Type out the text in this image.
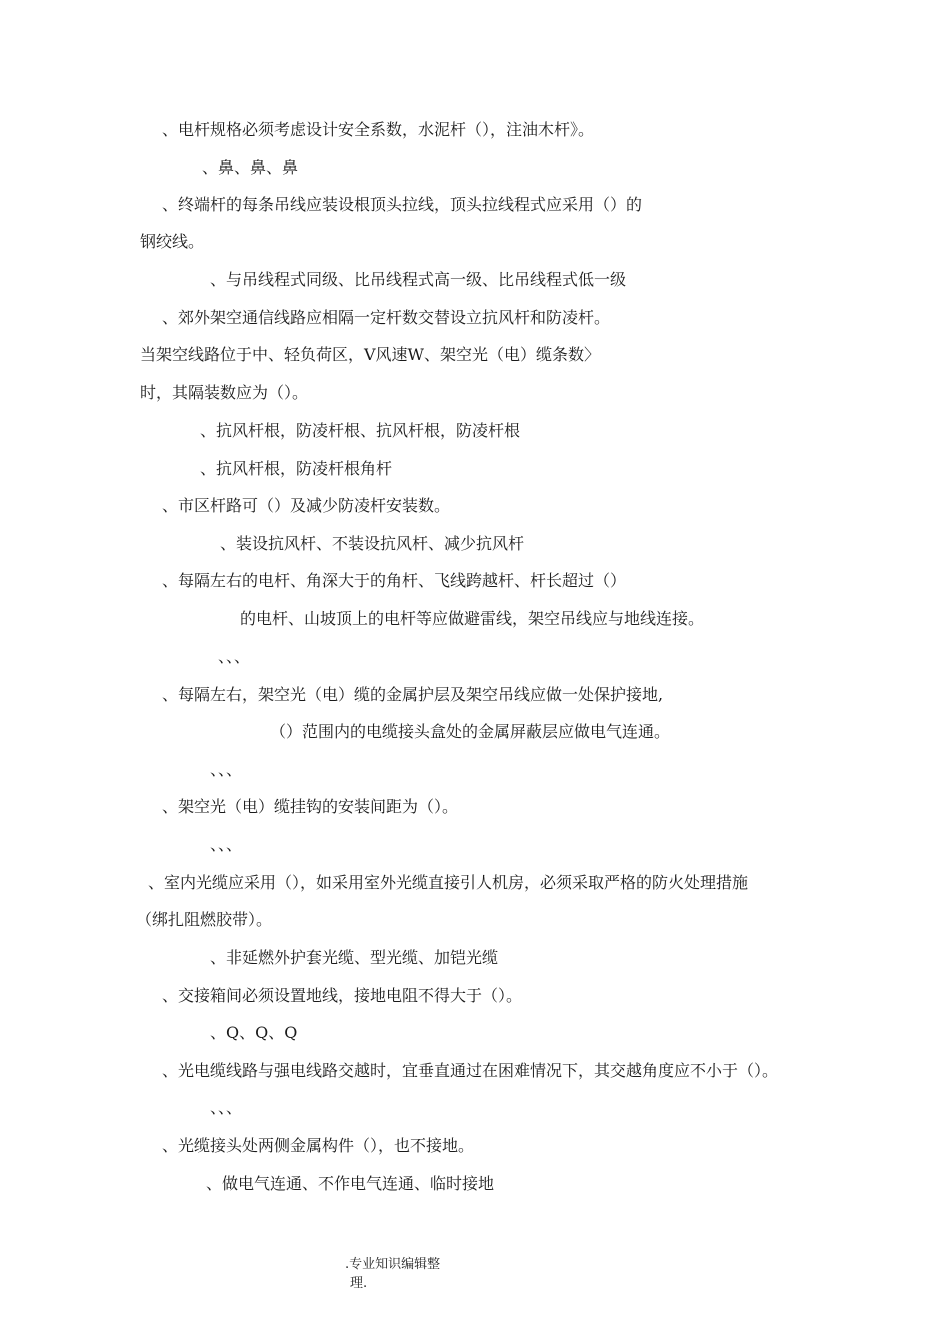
、电杆规格必须考虑设计安全系数，水泥杆（），注油木杆》。
、鼻、鼻、鼻
、终端杆的每条吊线应装设根顶头拉线，顶头拉线程式应采用（）的
钢绞线。
、与吊线程式同级、比吊线程式高一级、比吊线程式低一级
、郊外架空通信线路应相隔一定杆数交替设立抗风杆和防凌杆。
当架空线路位于中、轻负荷区，V风速W、架空光（电）缆条数〉
时，其隔装数应为（）。
、抗风杆根，防凌杆根、抗风杆根，防凌杆根
、抗风杆根，防凌杆根角杆
、市区杆路可（）及减少防凌杆安装数。
、装设抗风杆、不装设抗风杆、减少抗风杆
、每隔左右的电杆、角深大于的角杆、飞线跨越杆、杆长超过（）
的电杆、山坡顶上的电杆等应做避雷线，架空吊线应与地线连接。
、、、
、每隔左右，架空光（电）缆的金属护层及架空吊线应做一处保护接地,
（）范围内的电缆接头盒处的金属屏蔽层应做电气连通。
、、、
、架空光（电）缆挂钩的安装间距为（）。
、、、
、室内光缆应采用（），如采用室外光缆直接引人机房，必须采取严格的防火处理措施
（绑扎阻燃胶带）。
、非延燃外护套光缆、型光缆、加铠光缆
、交接箱间必须设置地线，接地电阻不得大于（）。
、Q、Q、Q
、光电缆线路与强电线路交越时，宜垂直通过在困难情况下，其交越角度应不小于（）。
、、、
、光缆接头处两侧金属构件（），也不接地。
、做电气连通、不作电气连通、临时接地
.专业知识编辑整
理.
